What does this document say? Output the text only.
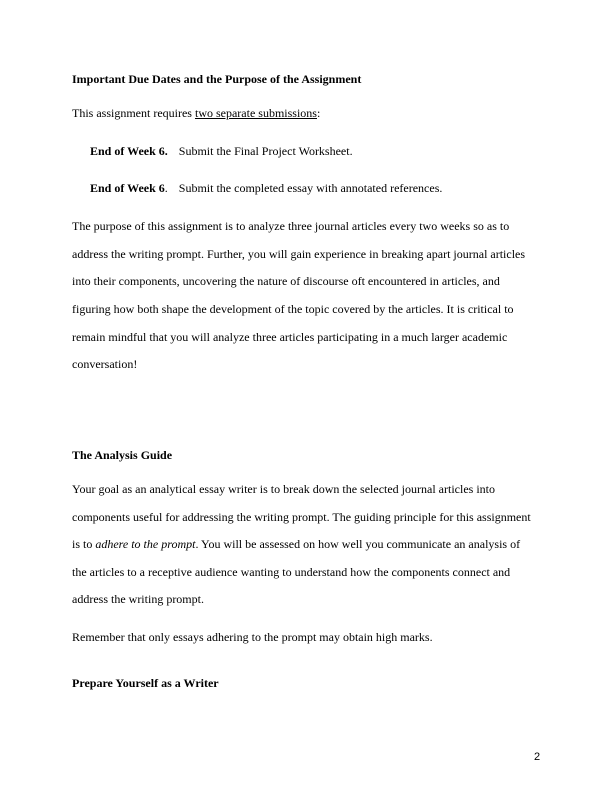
Important Due Dates and the Purpose of the Assignment
This assignment requires two separate submissions:
End of Week 6. Submit the Final Project Worksheet.
End of Week 6. Submit the completed essay with annotated references.
The purpose of this assignment is to analyze three journal articles every two weeks so as to
address the writing prompt. Further, you will gain experience in breaking apart journal articles
into their components, uncovering the nature of discourse oft encountered in articles, and
figuring how both shape the development of the topic covered by the articles. It is critical to
remain mindful that you will analyze three articles participating in a much larger academic
conversation!
The Analysis Guide
Your goal as an analytical essay writer is to break down the selected journal articles into
components useful for addressing the writing prompt. The guiding principle for this assignment
is to adhere to the prompt. You will be assessed on how well you communicate an analysis of
the articles to a receptive audience wanting to understand how the components connect and
address the writing prompt.
Remember that only essays adhering to the prompt may obtain high marks.
Prepare Yourself as a Writer
2
